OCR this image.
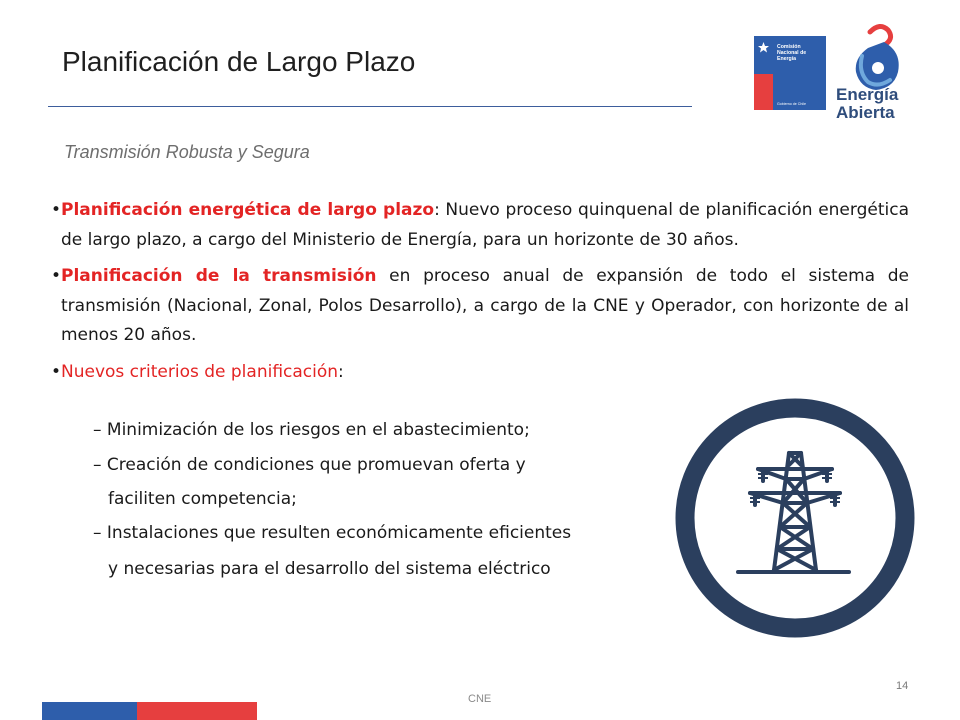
Planificación de Largo Plazo
Transmisión Robusta y Segura
Comisión
Nacional de
Energía
Gobierno de Chile Energía
Abierta
• Planificación energética de largo plazo: Nuevo proceso quinquenal de planificación energética de largo plazo, a cargo del Ministerio de Energía, para un horizonte de 30 años.
• Planificación de la transmisión en proceso anual de expansión de todo el sistema de transmisión (Nacional, Zonal, Polos Desarrollo), a cargo de la CNE y Operador, con horizonte de al menos 20 años.
• Nuevos criterios de planificación:
– Minimización de los riesgos en el abastecimiento;
– Creación de condiciones que promuevan oferta y
faciliten competencia;
– Instalaciones que resulten económicamente eficientes
y necesarias para el desarrollo del sistema eléctrico
14
CNE
